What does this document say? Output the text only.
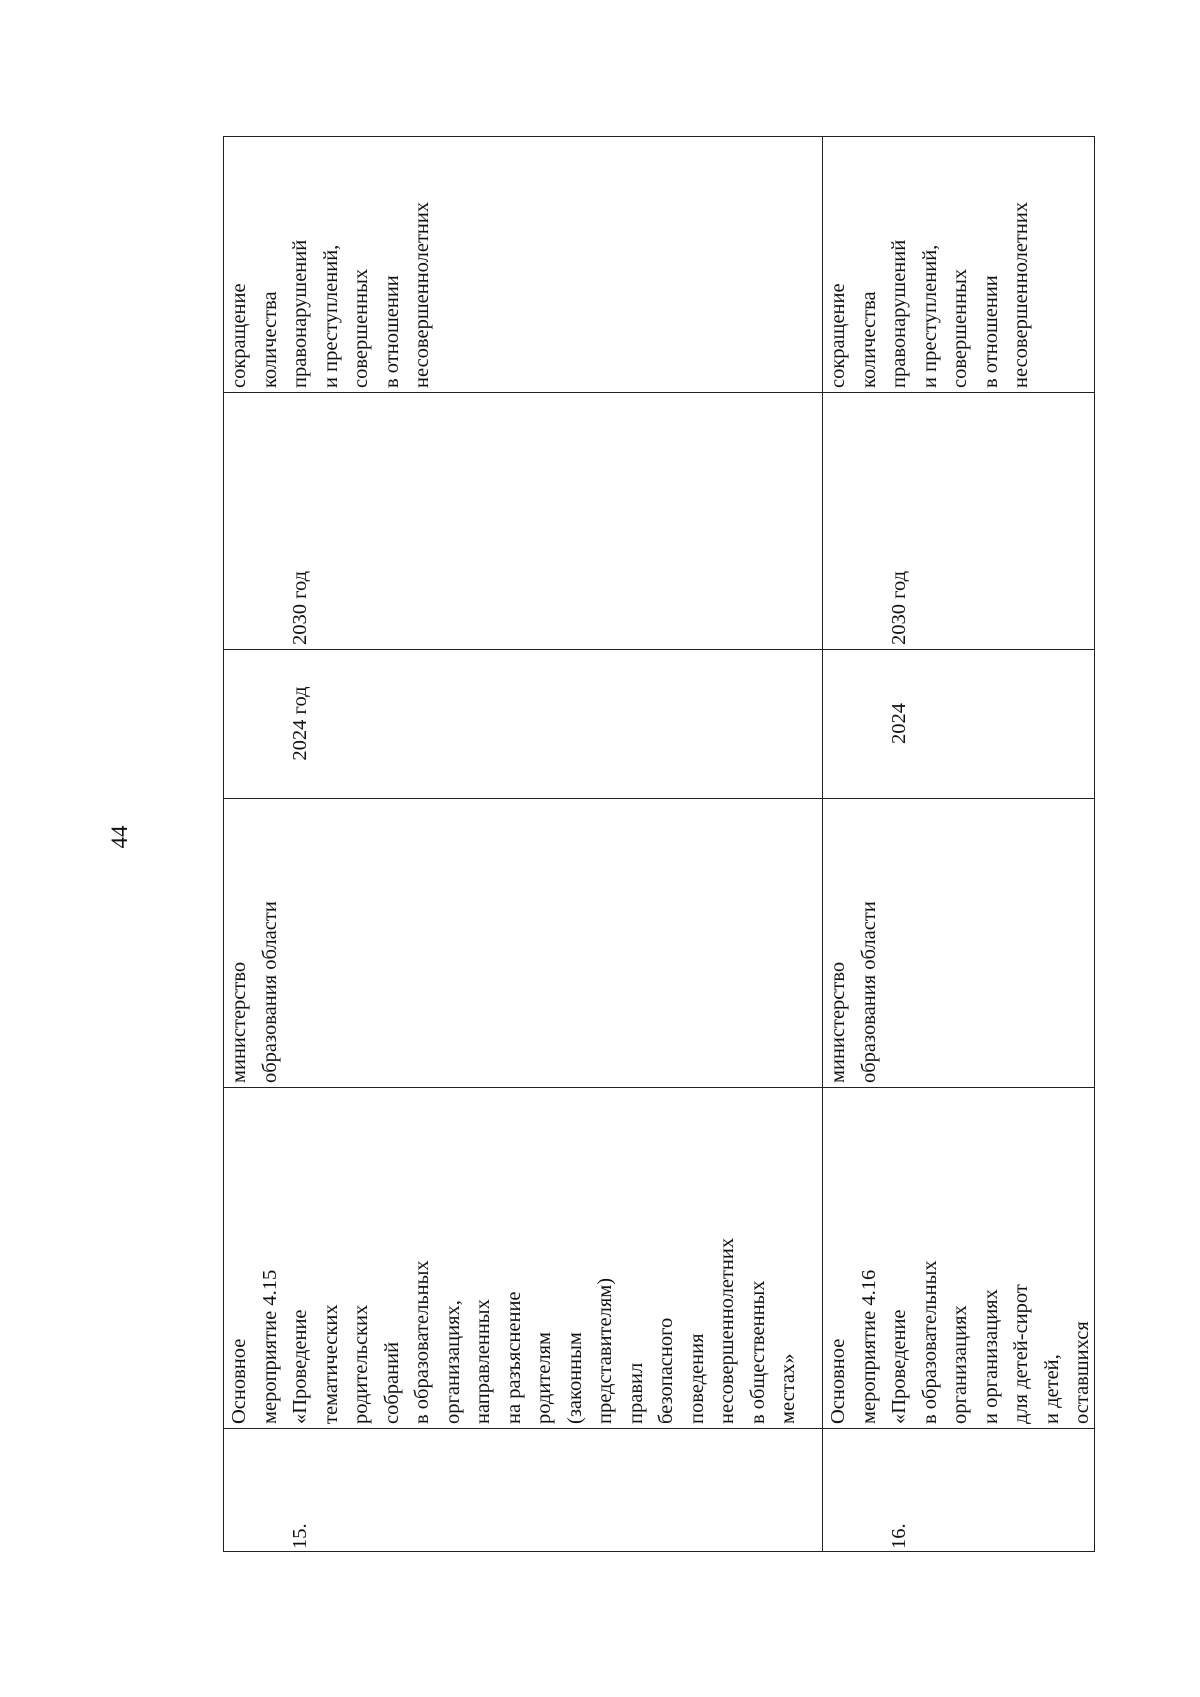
44

15.

Основное мероприятие 4.15 «Проведение тематических родительских собраний в образовательных организациях, направленных на разъяснение родителям (законным представителям) правил безопасного поведения несовершеннолетних в общественных местах»
министерство образования области

2024 год

2030 год

сокращение количества правонарушений и преступлений, совершенных в отношении несовершеннолетних

16.

Основное мероприятие 4.16 «Проведение в образовательных организациях и организациях для детей-сирот и детей, оставшихся
министерство образования области

2024

2030 год

сокращение количества правонарушений и преступлений, совершенных в отношении несовершеннолетних
